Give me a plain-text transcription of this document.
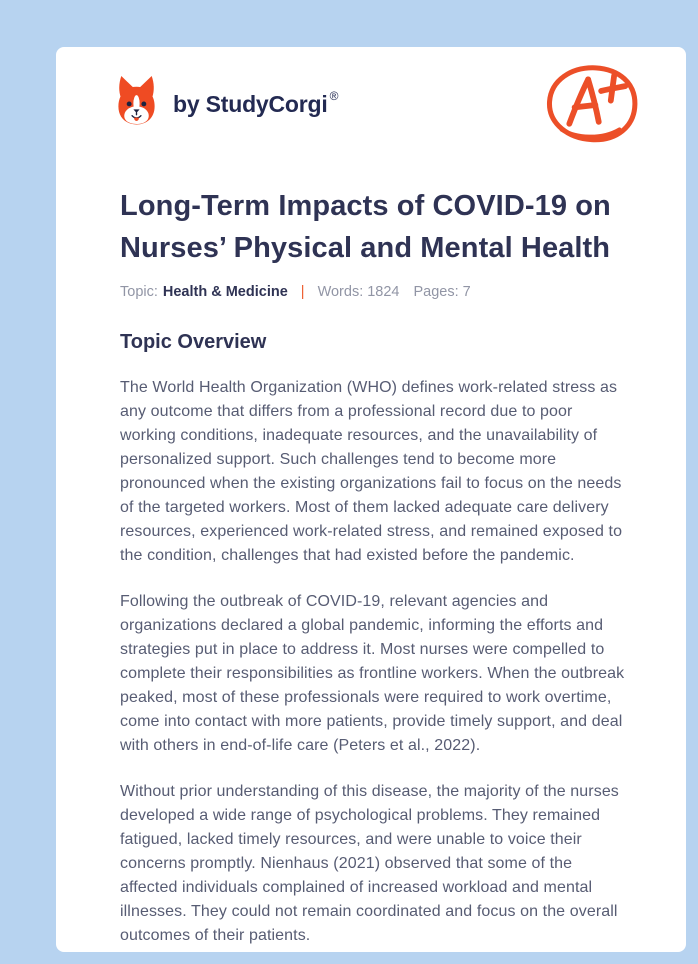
by StudyCorgi ®
Long-Term Impacts of COVID-19 on Nurses’ Physical and Mental Health
Topic: Health & Medicine | Words: 1824 Pages: 7
Topic Overview

The World Health Organization (WHO) defines work-related stress as any outcome that differs from a professional record due to poor working conditions, inadequate resources, and the unavailability of personalized support. Such challenges tend to become more pronounced when the existing organizations fail to focus on the needs of the targeted workers. Most of them lacked adequate care delivery resources, experienced work-related stress, and remained exposed to the condition, challenges that had existed before the pandemic.

Following the outbreak of COVID-19, relevant agencies and organizations declared a global pandemic, informing the efforts and strategies put in place to address it. Most nurses were compelled to complete their responsibilities as frontline workers. When the outbreak peaked, most of these professionals were required to work overtime, come into contact with more patients, provide timely support, and deal with others in end-of-life care (Peters et al., 2022).

Without prior understanding of this disease, the majority of the nurses developed a wide range of psychological problems. They remained fatigued, lacked timely resources, and were unable to voice their concerns promptly. Nienhaus (2021) observed that some of the affected individuals complained of increased workload and mental illnesses. They could not remain coordinated and focus on the overall outcomes of their patients.
